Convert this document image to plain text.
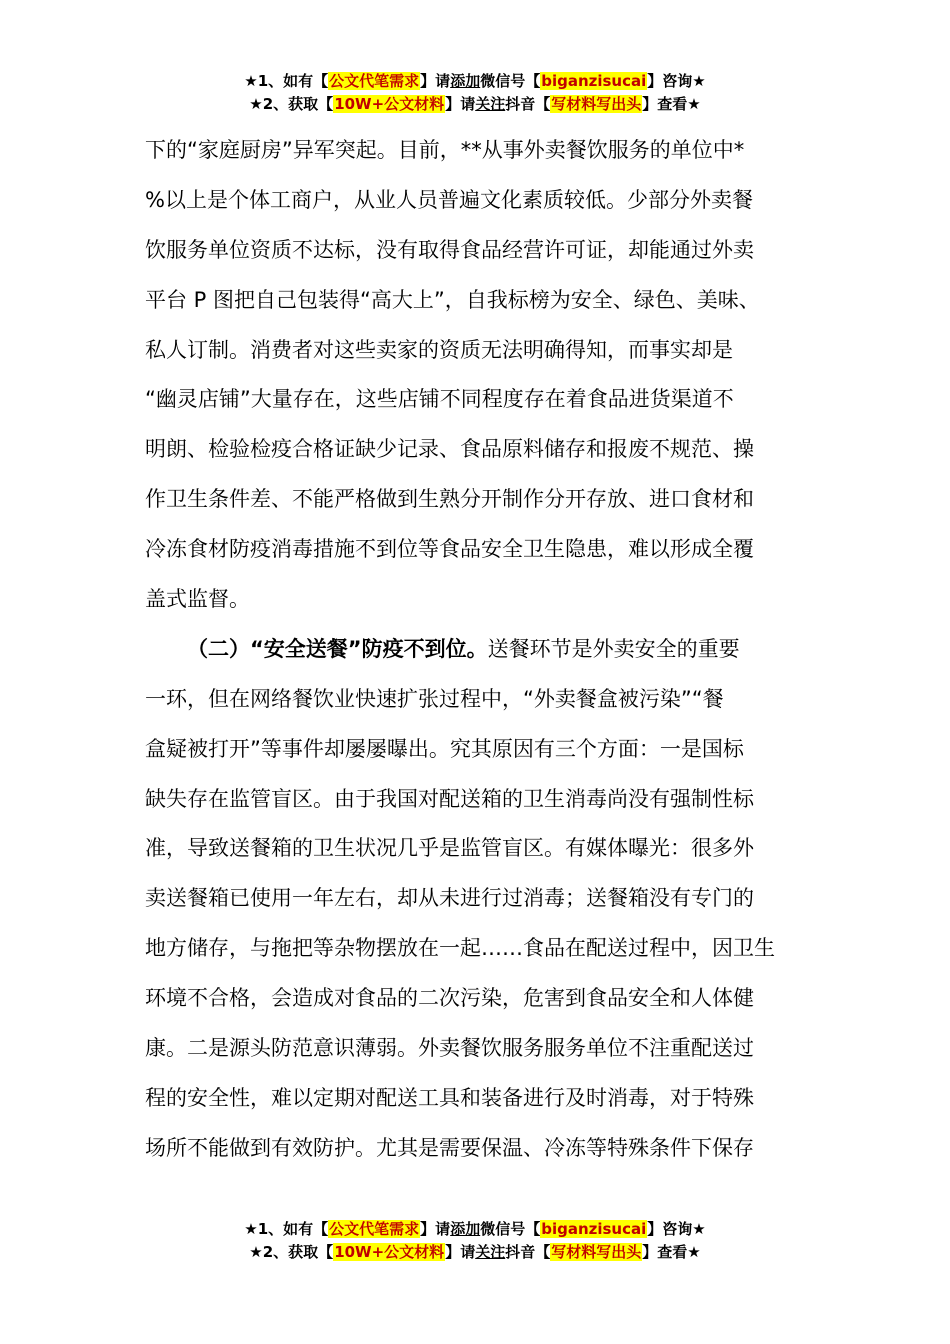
★1、如有【公文代笔需求】请添加微信号【biganzisucai】咨询★
★2、获取【10W+公文材料】请关注抖音【写材料写出头】查看★
下的“家庭厨房”异军突起。目前，**从事外卖餐饮服务的单位中*
%以上是个体工商户，从业人员普遍文化素质较低。少部分外卖餐
饮服务单位资质不达标，没有取得食品经营许可证，却能通过外卖
平台 P 图把自己包装得“高大上”，自我标榜为安全、绿色、美味、
私人订制。消费者对这些卖家的资质无法明确得知，而事实却是
“幽灵店铺”大量存在，这些店铺不同程度存在着食品进货渠道不
明朗、检验检疫合格证缺少记录、食品原料储存和报废不规范、操
作卫生条件差、不能严格做到生熟分开制作分开存放、进口食材和
冷冻食材防疫消毒措施不到位等食品安全卫生隐患，难以形成全覆
盖式监督。
（二）“安全送餐”防疫不到位。送餐环节是外卖安全的重要
一环，但在网络餐饮业快速扩张过程中，“外卖餐盒被污染”“餐
盒疑被打开”等事件却屡屡曝出。究其原因有三个方面：一是国标
缺失存在监管盲区。由于我国对配送箱的卫生消毒尚没有强制性标
准，导致送餐箱的卫生状况几乎是监管盲区。有媒体曝光：很多外
卖送餐箱已使用一年左右，却从未进行过消毒；送餐箱没有专门的
地方储存，与拖把等杂物摆放在一起……食品在配送过程中，因卫生
环境不合格，会造成对食品的二次污染，危害到食品安全和人体健
康。二是源头防范意识薄弱。外卖餐饮服务服务单位不注重配送过
程的安全性，难以定期对配送工具和装备进行及时消毒，对于特殊
场所不能做到有效防护。尤其是需要保温、冷冻等特殊条件下保存
★1、如有【公文代笔需求】请添加微信号【biganzisucai】咨询★
★2、获取【10W+公文材料】请关注抖音【写材料写出头】查看★
